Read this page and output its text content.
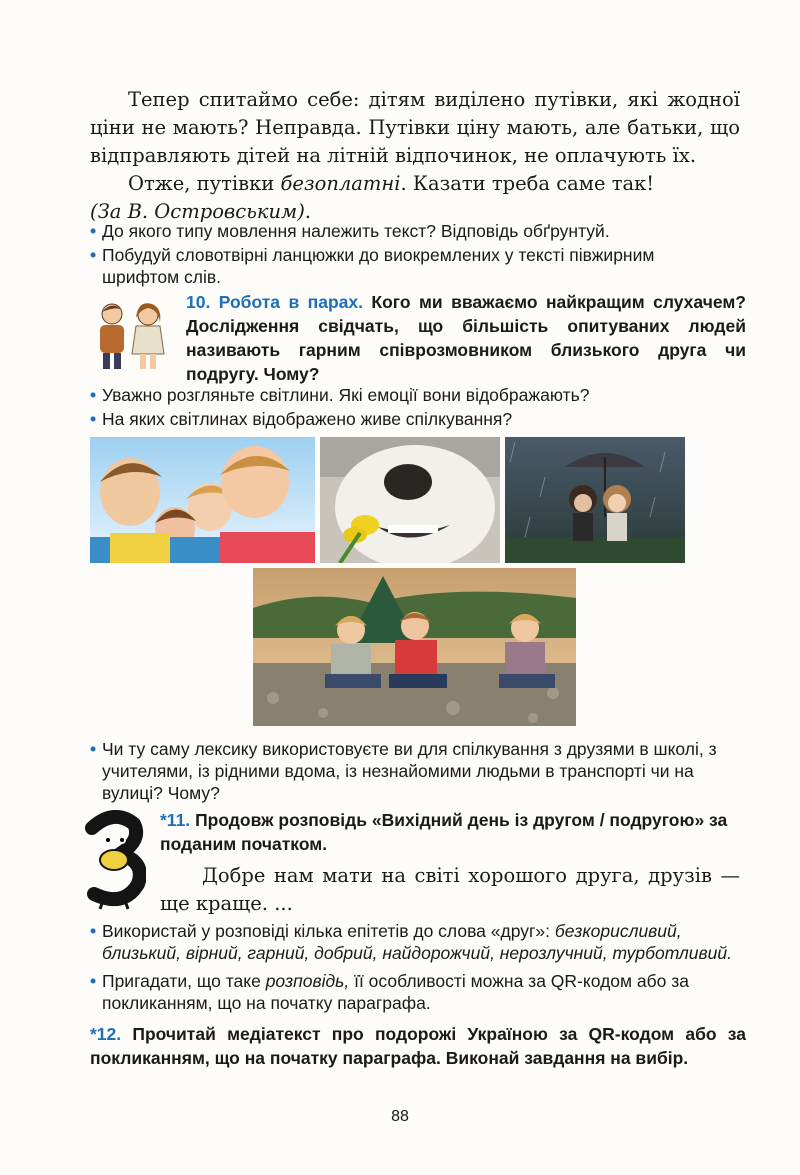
Тепер спитаймо себе: дітям виділено путівки, які жодної ціни не мають? Неправда. Путівки ціну мають, але батьки, що відправляють дітей на літній відпочинок, не оплачують їх.

Отже, путівки безоплатні. Казати треба саме так!

(За В. Островським).

• До якого типу мовлення належить текст? Відповідь обґрунтуй.
• Побудуй словотвірні ланцюжки до виокремлених у тексті півжирним шрифтом слів.
10. Робота в парах. Кого ми вважаємо найкращим слухачем? Дослідження свідчать, що більшість опитуваних людей називають гарним співрозмовником близького друга чи подругу. Чому?
• Уважно розгляньте світлини. Які емоції вони відображають?
• На яких світлинах відображено живе спілкування?
• Чи ту саму лексику використовуєте ви для спілкування з друзями в школі, з учителями, із рідними вдома, із незнайомими людьми в транспорті чи на вулиці? Чому?
*11. Продовж розповідь «Вихідний день із другом / подругою» за поданим початком.
Добре нам мати на світі хорошого друга, друзів — ще краще. ...
• Використай у розповіді кілька епітетів до слова «друг»: безкорисливий, близький, вірний, гарний, добрий, найдорожчий, нерозлучний, турботливий.
• Пригадати, що таке розповідь, її особливості можна за QR-кодом або за покликанням, що на початку параграфа.
*12. Прочитай медіатекст про подорожі Україною за QR-кодом або за покликанням, що на початку параграфа. Виконай завдання на вибір.
88
